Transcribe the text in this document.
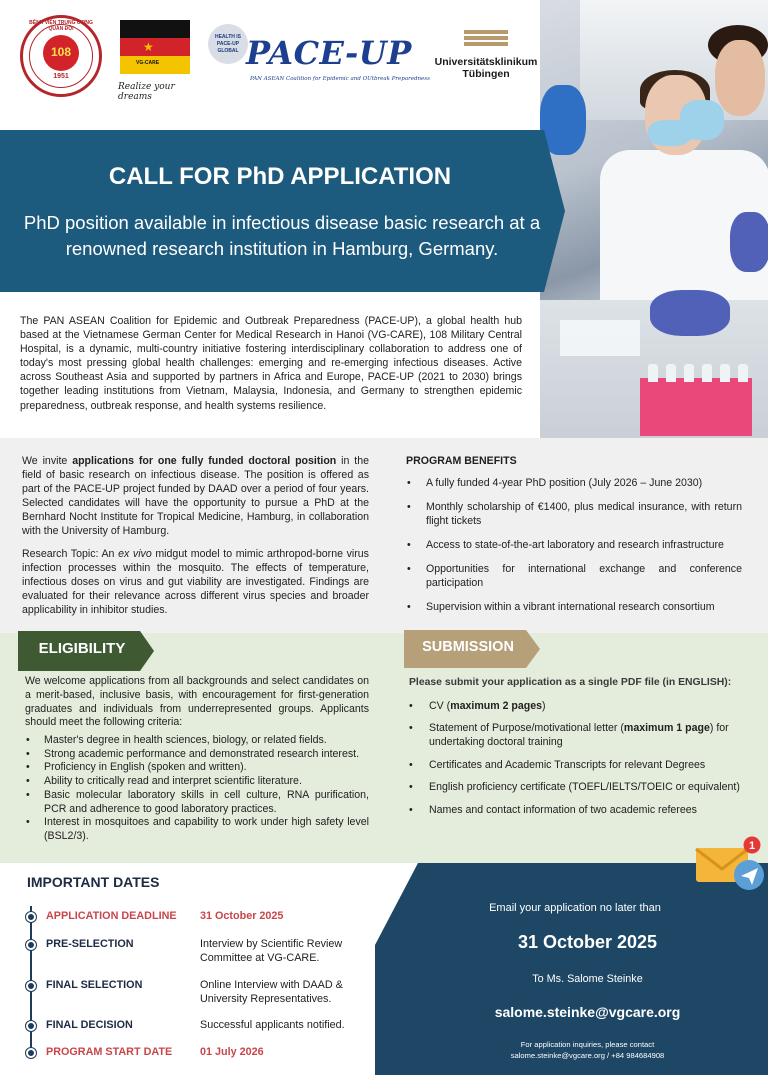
BỆNH VIỆN TRUNG ƯƠNG QUÂN ĐỘI
108
1951
★
VG-CARE
Realize your dreams
HEALTH IS PACE-UP GLOBAL PACE-UP
PAN ASEAN Coalition for Epidemic and OUtbreak Preparedness
Universitätsklinikum
Tübingen
CALL FOR PhD APPLICATION
PhD position available in infectious disease basic research at a renowned research institution in Hamburg, Germany.

The PAN ASEAN Coalition for Epidemic and Outbreak Preparedness (PACE-UP), a global health hub based at the Vietnamese German Center for Medical Research in Hanoi (VG-CARE), 108 Military Central Hospital, is a dynamic, multi-country initiative fostering interdisciplinary collaboration to address one of today's most pressing global health challenges: emerging and re-emerging infectious diseases. Active across Southeast Asia and supported by partners in Africa and Europe, PACE-UP (2021 to 2030) brings together leading institutions from Vietnam, Malaysia, Indonesia, and Germany to strengthen epidemic preparedness, outbreak response, and health systems resilience.

We invite applications for one fully funded doctoral position in the field of basic research on infectious disease. The position is offered as part of the PACE-UP project funded by DAAD over a period of four years. Selected candidates will have the opportunity to pursue a PhD at the Bernhard Nocht Institute for Tropical Medicine, Hamburg, in collaboration with the University of Hamburg.

Research Topic: An ex vivo midgut model to mimic arthropod-borne virus infection processes within the mosquito. The effects of temperature, infectious doses on virus and gut viability are investigated. Findings are evaluated for their relevance across different virus species and broader applicability in inhibitor studies.

PROGRAM BENEFITS
• A fully funded 4-year PhD position (July 2026 – June 2030)
• Monthly scholarship of €1400, plus medical insurance, with return flight tickets
• Access to state-of-the-art laboratory and research infrastructure
• Opportunities for international exchange and conference participation
• Supervision within a vibrant international research consortium
ELIGIBILITY	SUBMISSION

We welcome applications from all backgrounds and select candidates on a merit-based, inclusive basis, with encouragement for first-generation graduates and individuals from underrepresented groups. Applicants should meet the following criteria:

• Master's degree in health sciences, biology, or related fields.
• Strong academic performance and demonstrated research interest.
• Proficiency in English (spoken and written).
• Ability to critically read and interpret scientific literature.
• Basic molecular laboratory skills in cell culture, RNA purification, PCR and adherence to good laboratory practices.
• Interest in mosquitoes and capability to work under high safety level (BSL2/3).
Please submit your application as a single PDF file (in ENGLISH):
• CV (maximum 2 pages)
• Statement of Purpose/motivational letter (maximum 1 page) for undertaking doctoral training
• Certificates and Academic Transcripts for relevant Degrees
• English proficiency certificate (TOEFL/IELTS/TOEIC or equivalent)
• Names and contact information of two academic referees
Email your application no later than
31 October 2025
To Ms. Salome Steinke
salome.steinke@vgcare.org
For application inquiries, please contact
salome.steinke@vgcare.org / +84 984684908
IMPORTANT DATES
APPLICATION DEADLINE 31 October 2025
PRE-SELECTION	Interview by Scientific Review Committee at VG-CARE.
FINAL SELECTION	Online Interview with DAAD & University Representatives.
FINAL DECISION	Successful applicants notified.
PROGRAM START DATE	01 July 2026
1
